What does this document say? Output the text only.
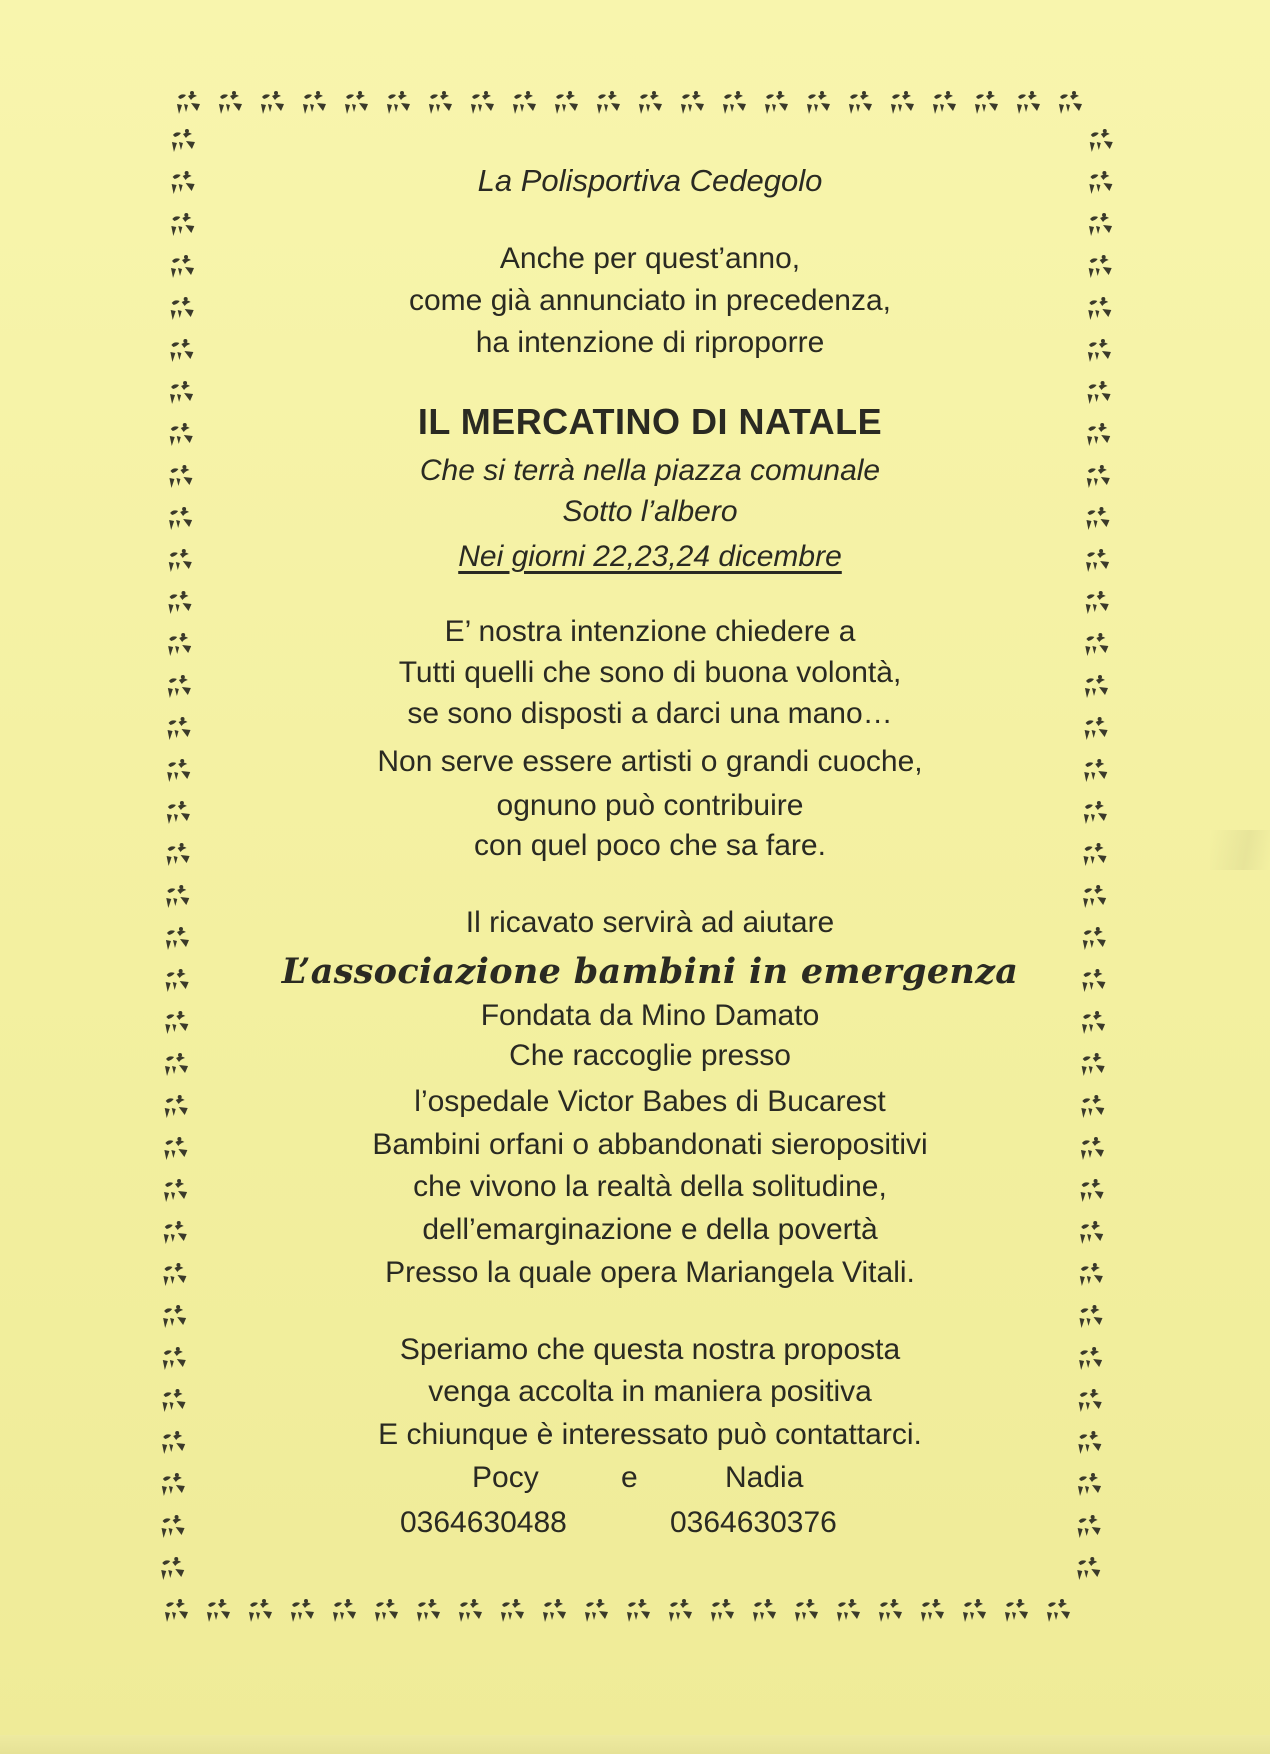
La Polisportiva Cedegolo
Anche per quest’anno,
come già annunciato in precedenza,
ha intenzione di riproporre
IL MERCATINO DI NATALE
Che si terrà nella piazza comunale
Sotto l’albero
Nei giorni 22,23,24 dicembre
E’ nostra intenzione chiedere a
Tutti quelli che sono di buona volontà,
se sono disposti a darci una mano…
Non serve essere artisti o grandi cuoche,
ognuno può contribuire
con quel poco che sa fare.
Il ricavato servirà ad aiutare
L’associazione bambini in emergenza
Fondata da Mino Damato
Che raccoglie presso
l’ospedale Victor Babes di Bucarest
Bambini orfani o abbandonati sieropositivi
che vivono la realtà della solitudine,
dell’emarginazione e della povertà
Presso la quale opera Mariangela Vitali.
Speriamo che questa nostra proposta
venga accolta in maniera positiva
E chiunque è interessato può contattarci.
Pocy	e	Nadia
0364630488	0364630376
